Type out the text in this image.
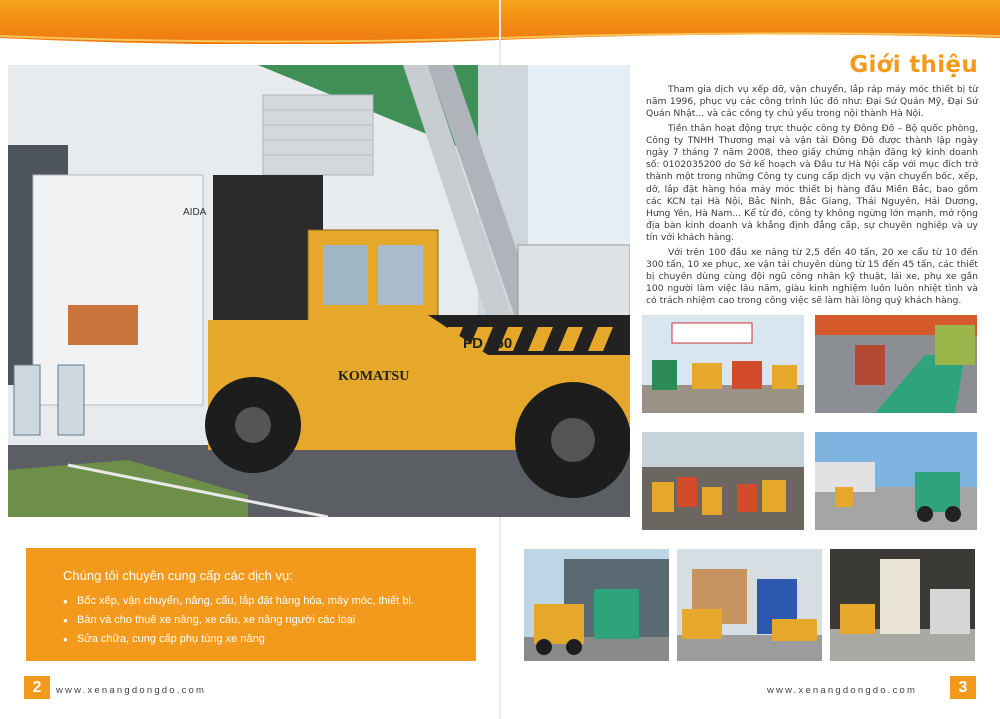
AIDA
FD 350
KOMATSU
Giới thiệu

Tham gia dịch vụ xếp dỡ, vận chuyển, lắp ráp máy móc thiết bị từ năm 1996, phục vụ các công trình lúc đó như: Đại Sứ Quán Mỹ, Đại Sứ Quán Nhật... và các công ty chủ yếu trong nội thành Hà Nội.

Tiền thân hoạt động trực thuộc công ty Đông Đô – Bộ quốc phòng, Công ty TNHH Thương mại và vận tải Đông Đô được thành lập ngày ngày 7 tháng 7 năm 2008, theo giấy chứng nhận đăng ký kinh doanh số: 0102035200 do Sở kế hoạch và Đầu tư Hà Nội cấp với mục đích trở thành một trong những Công ty cung cấp dịch vụ vận chuyển bốc, xếp, dỡ, lắp đặt hàng hóa máy móc thiết bị hàng đầu Miền Bắc, bao gồm các KCN tại Hà Nội, Bắc Ninh, Bắc Giang, Thái Nguyên, Hải Dương, Hưng Yên, Hà Nam... Kể từ đó, công ty không ngừng lớn mạnh, mở rộng địa bàn kinh doanh và khẳng định đẳng cấp, sự chuyên nghiệp và uy tín với khách hàng.

Với trên 100 đầu xe nâng từ 2,5 đến 40 tấn, 20 xe cẩu từ 10 đến 300 tấn, 10 xe phục, xe vận tải chuyên dùng từ 15 đến 45 tấn, các thiết bị chuyên dùng cùng đội ngũ công nhân kỹ thuật, lái xe, phụ xe gần 100 người làm việc lâu năm, giàu kinh nghiệm luôn luôn nhiệt tình và có trách nhiệm cao trong công việc sẽ làm hài lòng quý khách hàng.

Chúng tôi chuyên cung cấp các dịch vụ:
● Bốc xếp, vận chuyển, nâng, cẩu, lắp đặt hàng hóa, máy móc, thiết bị.
● Bán và cho thuê xe nâng, xe cẩu, xe nâng người các loại
● Sửa chữa, cung cấp phụ tùng xe nâng
2	www.xenangdongdo.com	www.xenangdongdo.com	3
